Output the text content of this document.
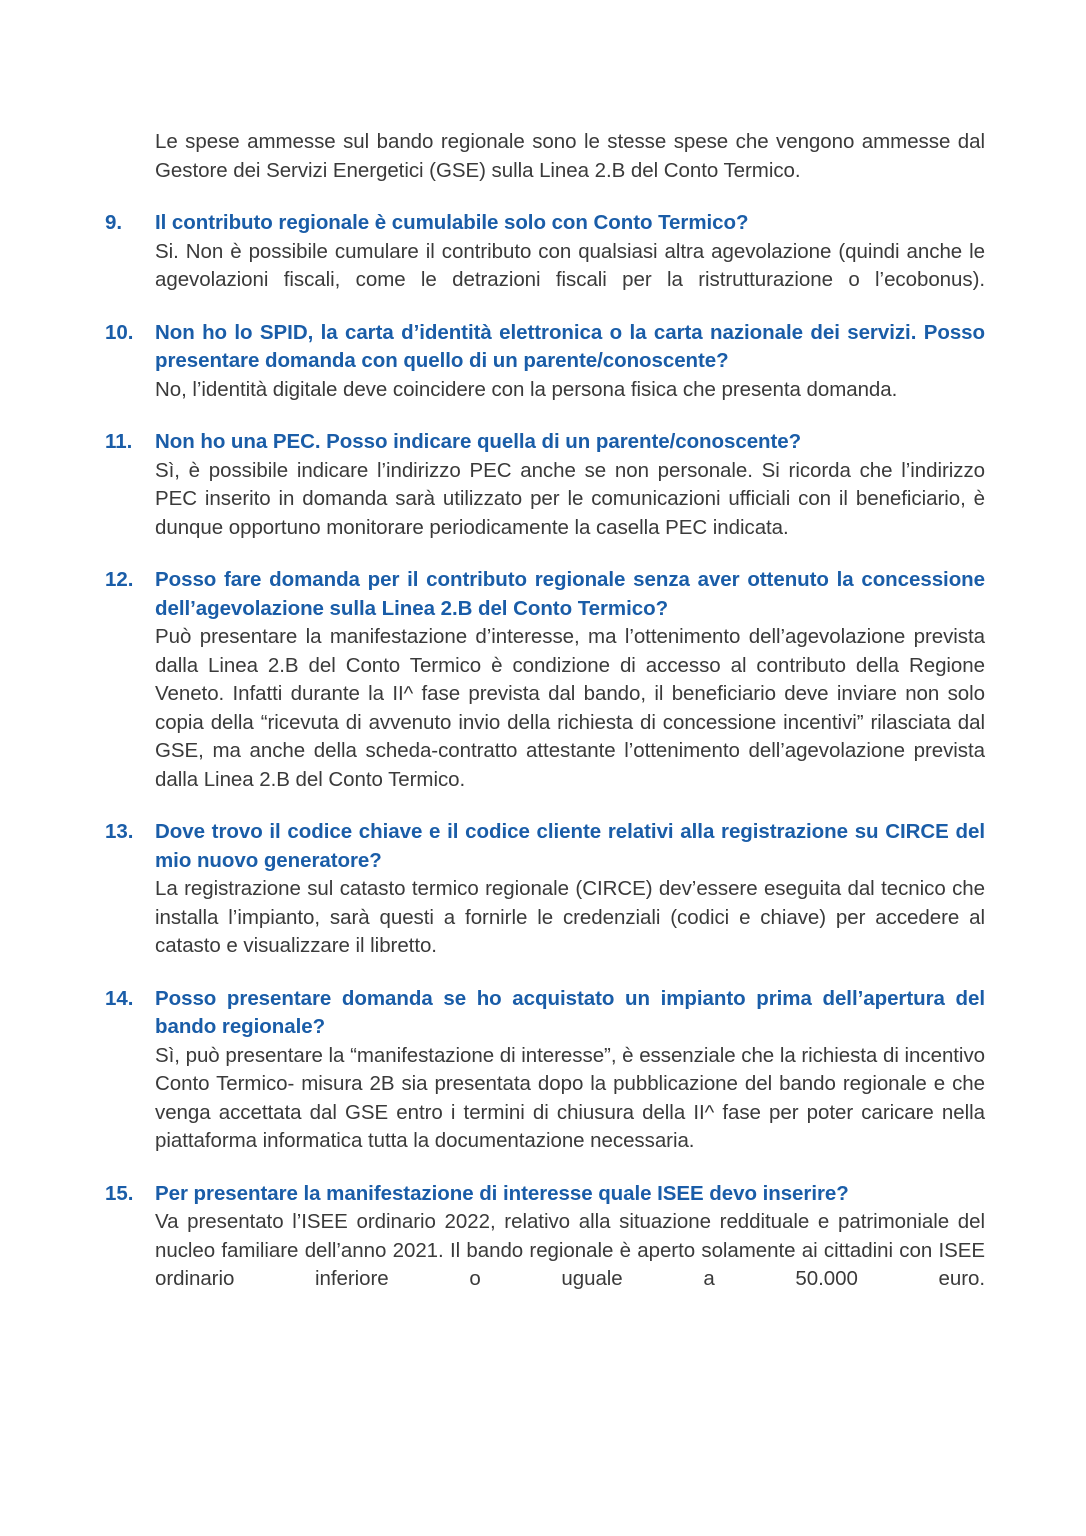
Le spese ammesse sul bando regionale sono le stesse spese che vengono ammesse dal Gestore dei Servizi Energetici (GSE) sulla Linea 2.B del Conto Termico.

9.	Il contributo regionale è cumulabile solo con Conto Termico?

Si. Non è possibile cumulare il contributo con qualsiasi altra agevolazione (quindi anche le agevolazioni fiscali, come le detrazioni fiscali per la ristrutturazione o l’ecobonus).

10.	Non ho lo SPID, la carta d’identità elettronica o la carta nazionale dei servizi. Posso presentare domanda con quello di un parente/conoscente?

No, l’identità digitale deve coincidere con la persona fisica che presenta domanda.

11.	Non ho una PEC. Posso indicare quella di un parente/conoscente?

Sì, è possibile indicare l’indirizzo PEC anche se non personale. Si ricorda che l’indirizzo PEC inserito in domanda sarà utilizzato per le comunicazioni ufficiali con il beneficiario, è dunque opportuno monitorare periodicamente la casella PEC indicata.

12.	Posso fare domanda per il contributo regionale senza aver ottenuto la concessione dell’agevolazione sulla Linea 2.B del Conto Termico?

Può presentare la manifestazione d’interesse, ma l’ottenimento dell’agevolazione prevista dalla Linea 2.B del Conto Termico è condizione di accesso al contributo della Regione Veneto. Infatti durante la II^ fase prevista dal bando, il beneficiario deve inviare non solo copia della “ricevuta di avvenuto invio della richiesta di concessione incentivi” rilasciata dal GSE, ma anche della scheda-contratto attestante l’ottenimento dell’agevolazione prevista dalla Linea 2.B del Conto Termico.

13.	Dove trovo il codice chiave e il codice cliente relativi alla registrazione su CIRCE del mio nuovo generatore?

La registrazione sul catasto termico regionale (CIRCE) dev’essere eseguita dal tecnico che installa l’impianto, sarà questi a fornirle le credenziali (codici e chiave) per accedere al catasto e visualizzare il libretto.

14.	Posso presentare domanda se ho acquistato un impianto prima dell’apertura del bando regionale?

Sì, può presentare la “manifestazione di interesse”, è essenziale che la richiesta di incentivo Conto Termico- misura 2B sia presentata dopo la pubblicazione del bando regionale e che venga accettata dal GSE entro i termini di chiusura della II^ fase per poter caricare nella piattaforma informatica tutta la documentazione necessaria.

15.	Per presentare la manifestazione di interesse quale ISEE devo inserire?

Va presentato l’ISEE ordinario 2022, relativo alla situazione reddituale e patrimoniale del nucleo familiare dell’anno 2021. Il bando regionale è aperto solamente ai cittadini con ISEE ordinario inferiore o uguale a 50.000 euro.
